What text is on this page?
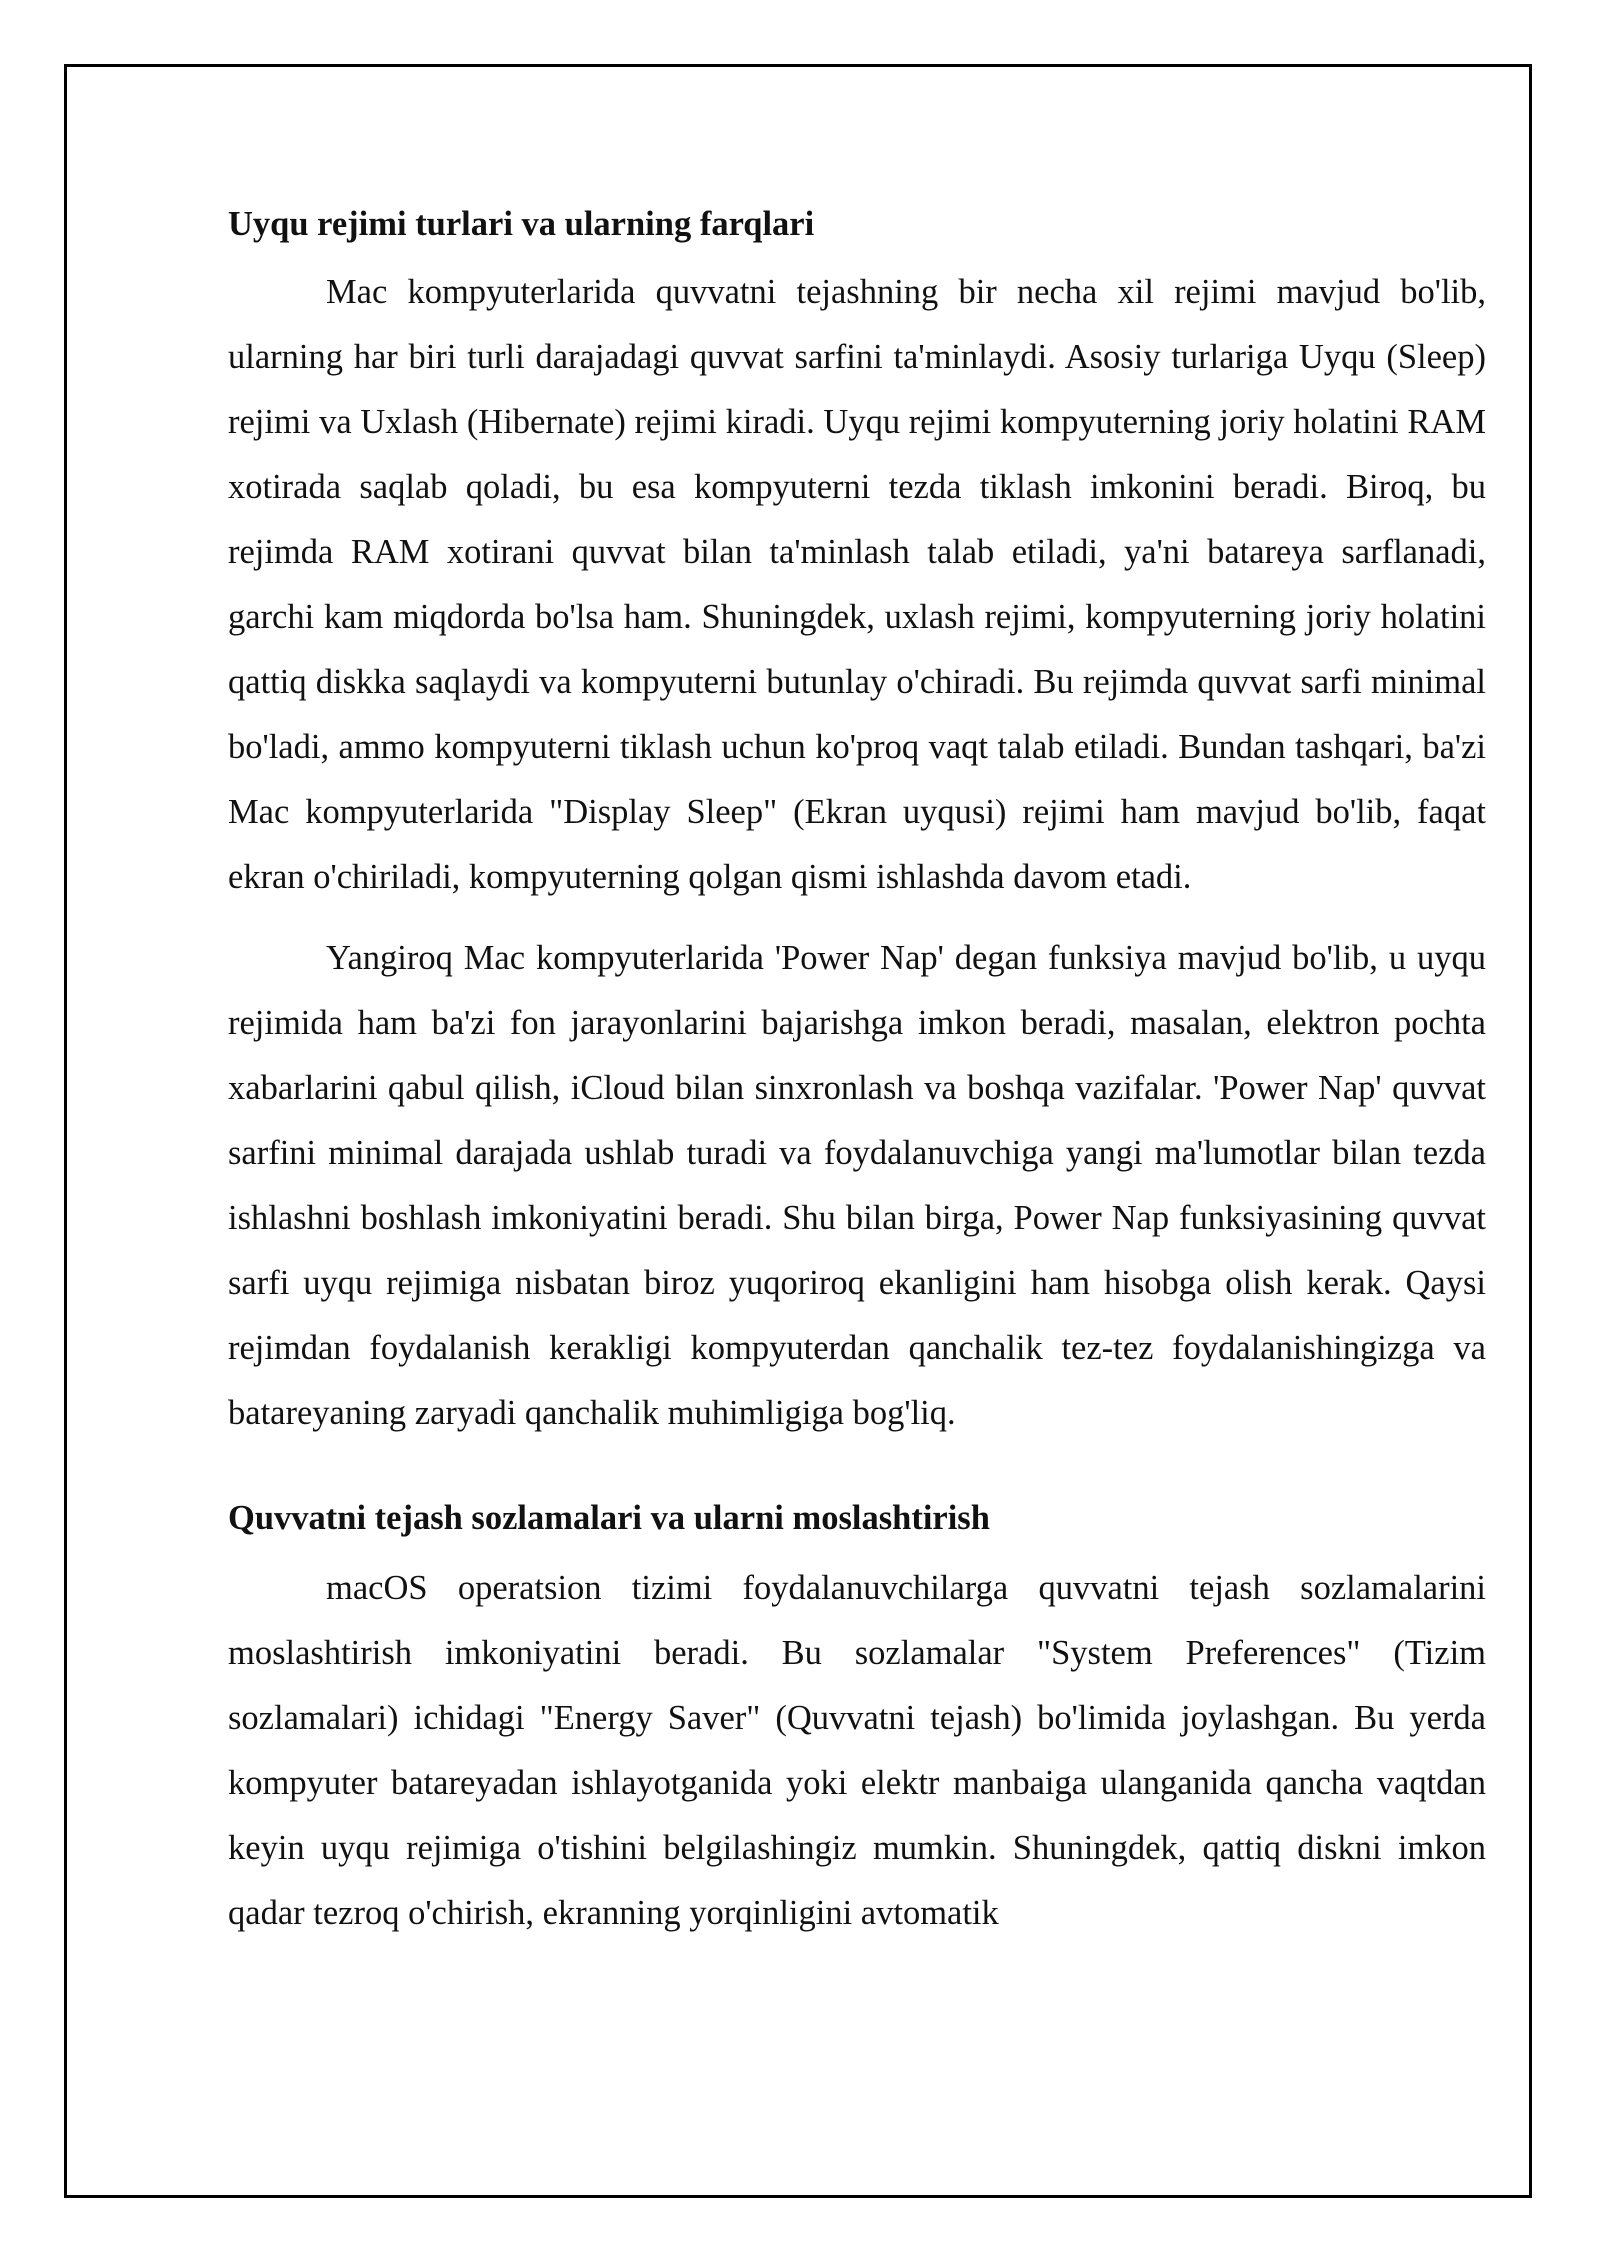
Uyqu rejimi turlari va ularning farqlari

Mac kompyuterlarida quvvatni tejashning bir necha xil rejimi mavjud bo'lib, ularning har biri turli darajadagi quvvat sarfini ta'minlaydi. Asosiy turlariga Uyqu (Sleep) rejimi va Uxlash (Hibernate) rejimi kiradi. Uyqu rejimi kompyuterning joriy holatini RAM xotirada saqlab qoladi, bu esa kompyuterni tezda tiklash imkonini beradi. Biroq, bu rejimda RAM xotirani quvvat bilan ta'minlash talab etiladi, ya'ni batareya sarflanadi, garchi kam miqdorda bo'lsa ham. Shuningdek, uxlash rejimi, kompyuterning joriy holatini qattiq diskka saqlaydi va kompyuterni butunlay o'chiradi. Bu rejimda quvvat sarfi minimal bo'ladi, ammo kompyuterni tiklash uchun ko'proq vaqt talab etiladi. Bundan tashqari, ba'zi Mac kompyuterlarida "Display Sleep" (Ekran uyqusi) rejimi ham mavjud bo'lib, faqat ekran o'chiriladi, kompyuterning qolgan qismi ishlashda davom etadi.

Yangiroq Mac kompyuterlarida 'Power Nap' degan funksiya mavjud bo'lib, u uyqu rejimida ham ba'zi fon jarayonlarini bajarishga imkon beradi, masalan, elektron pochta xabarlarini qabul qilish, iCloud bilan sinxronlash va boshqa vazifalar. 'Power Nap' quvvat sarfini minimal darajada ushlab turadi va foydalanuvchiga yangi ma'lumotlar bilan tezda ishlashni boshlash imkoniyatini beradi. Shu bilan birga, Power Nap funksiyasining quvvat sarfi uyqu rejimiga nisbatan biroz yuqoriroq ekanligini ham hisobga olish kerak. Qaysi rejimdan foydalanish kerakligi kompyuterdan qanchalik tez-tez foydalanishingizga va batareyaning zaryadi qanchalik muhimligiga bog'liq.

Quvvatni tejash sozlamalari va ularni moslashtirish

macOS operatsion tizimi foydalanuvchilarga quvvatni tejash sozlamalarini moslashtirish imkoniyatini beradi. Bu sozlamalar "System Preferences" (Tizim sozlamalari) ichidagi "Energy Saver" (Quvvatni tejash) bo'limida joylashgan. Bu yerda kompyuter batareyadan ishlayotganida yoki elektr manbaiga ulanganida qancha vaqtdan keyin uyqu rejimiga o'tishini belgilashingiz mumkin. Shuningdek, qattiq diskni imkon qadar tezroq o'chirish, ekranning yorqinligini avtomatik
